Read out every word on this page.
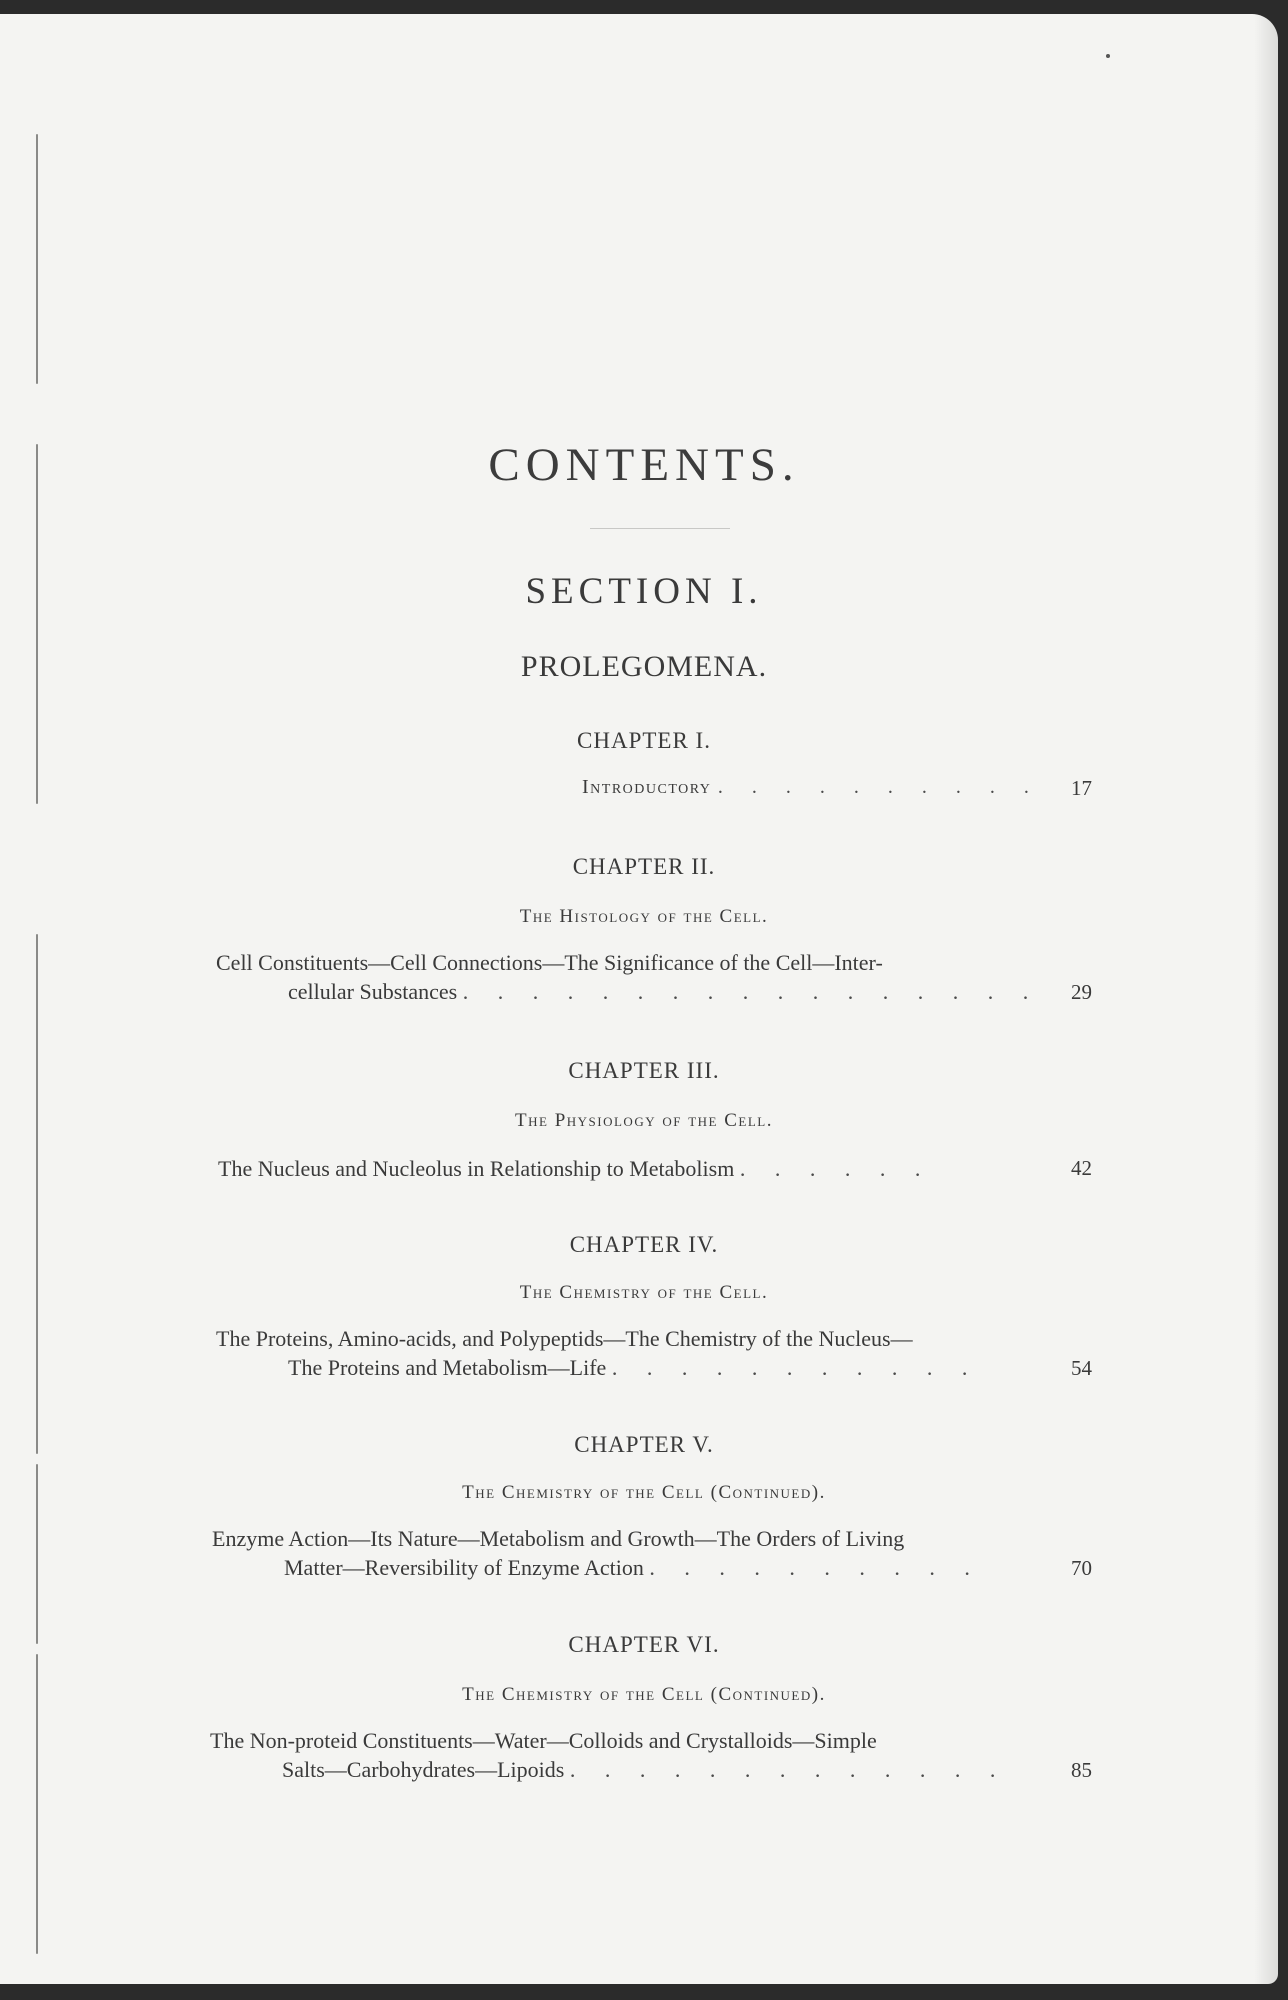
CONTENTS.
SECTION I.
PROLEGOMENA.
CHAPTER I.
Introductory . . . . . . . . . . 17
CHAPTER II.
The Histology of the Cell.
Cell Constituents—Cell Connections—The Significance of the Cell—Inter-
cellular Substances . . . . . . . . . . . . . . . . . 29
CHAPTER III.
The Physiology of the Cell.
The Nucleus and Nucleolus in Relationship to Metabolism . . . . . .	42
CHAPTER IV.
The Chemistry of the Cell.
The Proteins, Amino-acids, and Polypeptids—The Chemistry of the Nucleus—
The Proteins and Metabolism—Life . . . . . . . . . . .	54
CHAPTER V.
The Chemistry of the Cell (Continued).
Enzyme Action—Its Nature—Metabolism and Growth—The Orders of Living
Matter—Reversibility of Enzyme Action . . . . . . . . . .	70
CHAPTER VI.
The Chemistry of the Cell (Continued).
The Non-proteid Constituents—Water—Colloids and Crystalloids—Simple
Salts—Carbohydrates—Lipoids . . . . . . . . . . . . .	85
